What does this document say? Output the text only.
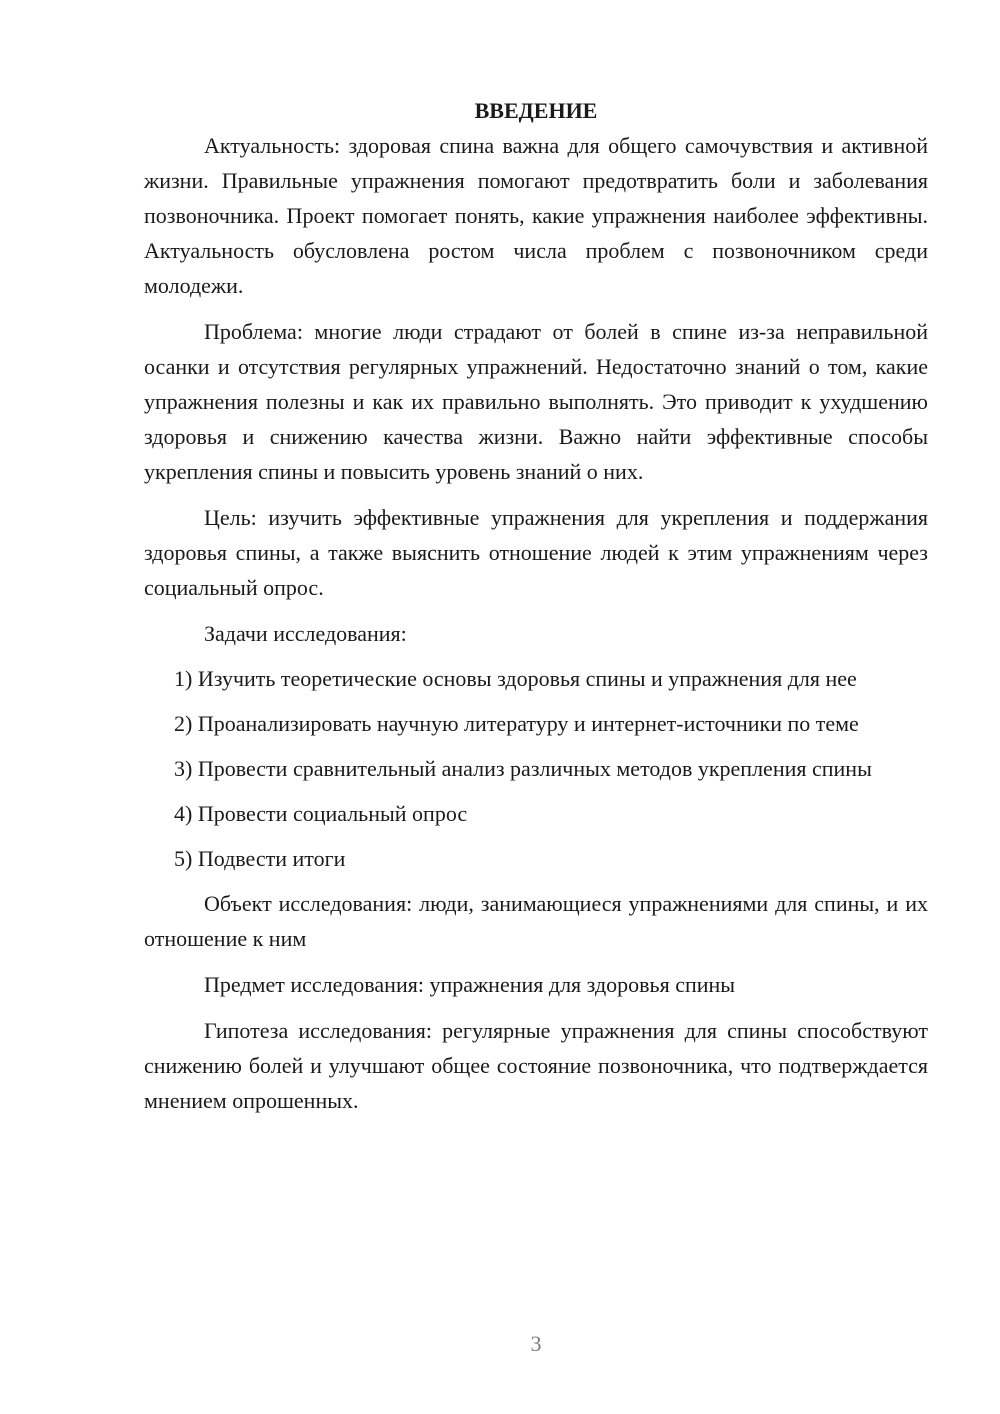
ВВЕДЕНИЕ

Актуальность: здоровая спина важна для общего самочувствия и активной жизни. Правильные упражнения помогают предотвратить боли и заболевания позвоночника. Проект помогает понять, какие упражнения наиболее эффективны. Актуальность обусловлена ростом числа проблем с позвоночником среди молодежи.

Проблема: многие люди страдают от болей в спине из-за неправильной осанки и отсутствия регулярных упражнений. Недостаточно знаний о том, какие упражнения полезны и как их правильно выполнять. Это приводит к ухудшению здоровья и снижению качества жизни. Важно найти эффективные способы укрепления спины и повысить уровень знаний о них.

Цель: изучить эффективные упражнения для укрепления и поддержания здоровья спины, а также выяснить отношение людей к этим упражнениям через социальный опрос.

Задачи исследования:

1) Изучить теоретические основы здоровья спины и упражнения для нее

2) Проанализировать научную литературу и интернет-источники по теме

3) Провести сравнительный анализ различных методов укрепления спины

4) Провести социальный опрос

5) Подвести итоги

Объект исследования: люди, занимающиеся упражнениями для спины, и их отношение к ним

Предмет исследования: упражнения для здоровья спины

Гипотеза исследования: регулярные упражнения для спины способствуют снижению болей и улучшают общее состояние позвоночника, что подтверждается мнением опрошенных.

3
